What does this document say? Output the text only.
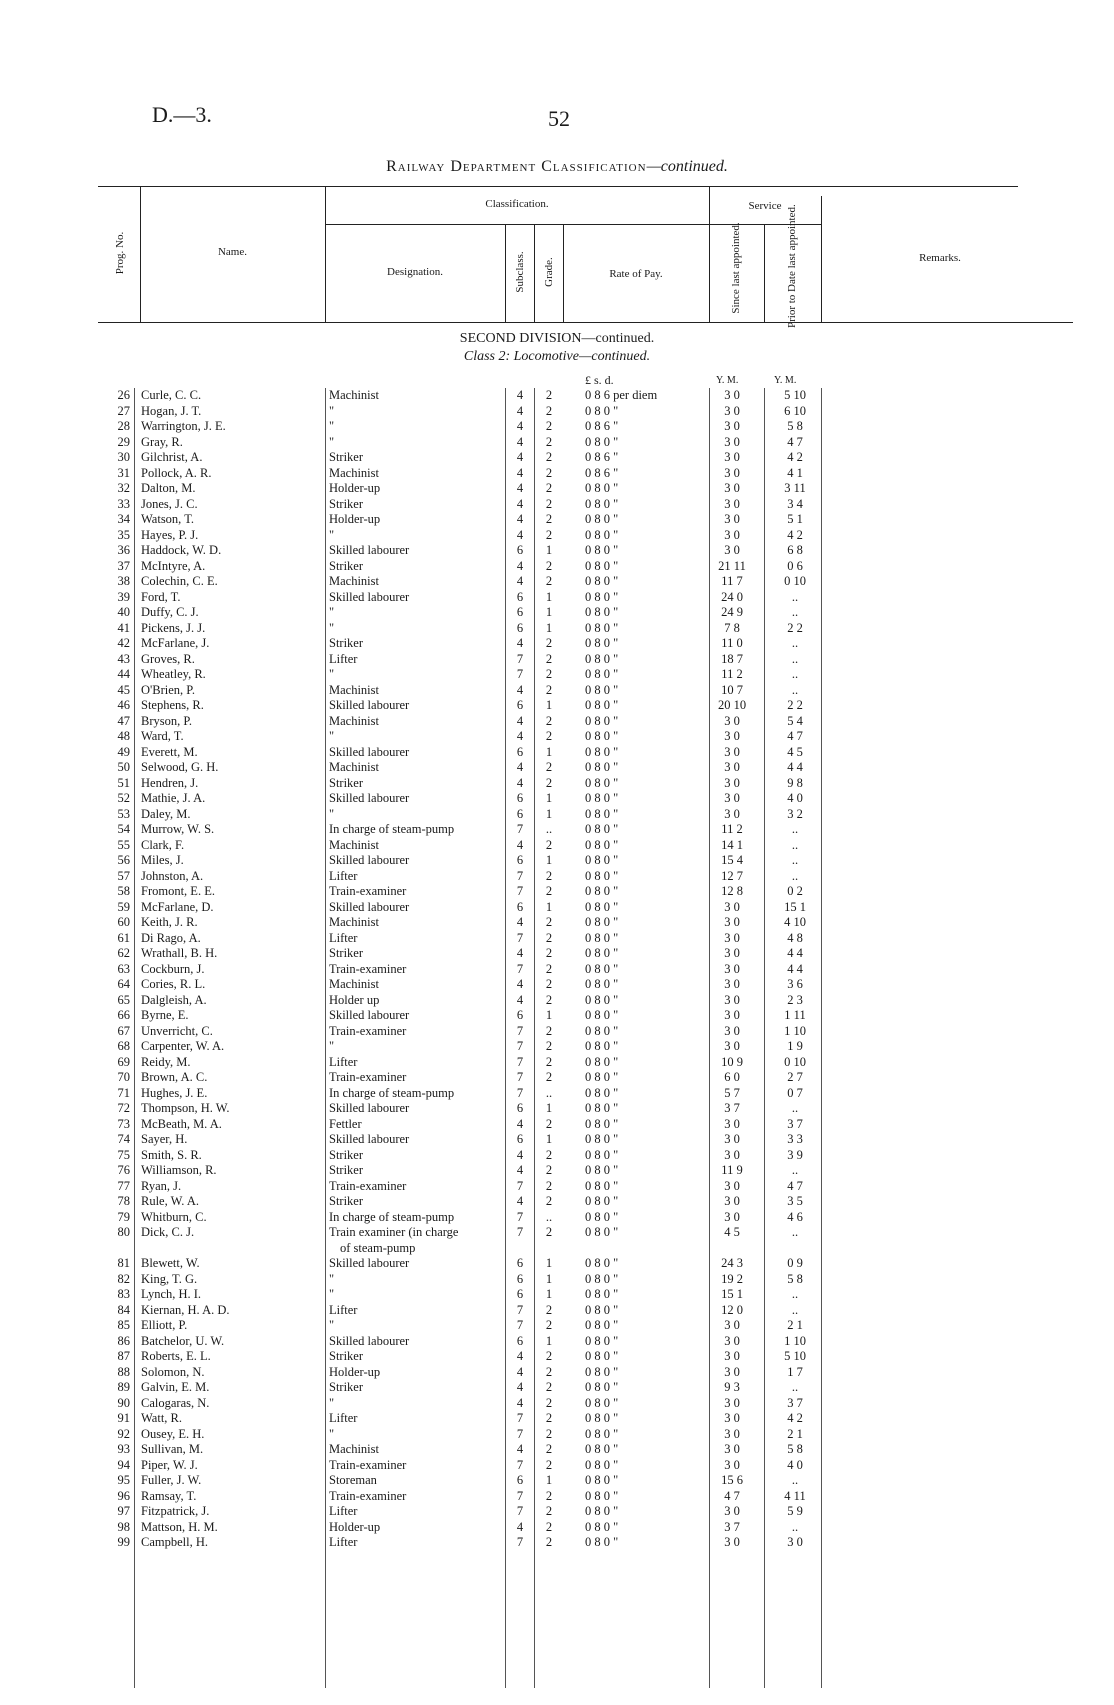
D.—3.	52
Railway Department Classification—continued.
Prog. No.	Name.
Classification.
Designation.	Subclass. Grade.	Rate of Pay.
Service
Since last appointed.	Prior to Date last appointed.	Remarks.
SECOND DIVISION—continued.
Class 2: Locomotive—continued.
£ s. d.	Y. M.	Y. M.
26 Curle, C. C.	Machinist	4	2	0 8 6 per diem	3 0	5 10
27 Hogan, J. T.	"	4	2	0 8 0 "	3 0	6 10
28 Warrington, J. E.	"	4	2	0 8 6 "	3 0	5 8
29 Gray, R.	"	4	2	0 8 0 "	3 0	4 7
30 Gilchrist, A.	Striker	4	2	0 8 6 "	3 0	4 2
31 Pollock, A. R.	Machinist	4	2	0 8 6 "	3 0	4 1
32 Dalton, M.	Holder-up	4	2	0 8 0 "	3 0	3 11
33 Jones, J. C.	Striker	4	2	0 8 0 "	3 0	3 4
34 Watson, T.	Holder-up	4	2	0 8 0 "	3 0	5 1
35 Hayes, P. J.	"	4	2	0 8 0 "	3 0	4 2
36 Haddock, W. D.	Skilled labourer	6	1	0 8 0 "	3 0	6 8
37 McIntyre, A.	Striker	4	2	0 8 0 "	21 11	0 6
38 Colechin, C. E.	Machinist	4	2	0 8 0 "	11 7	0 10
39 Ford, T.	Skilled labourer	6	1	0 8 0 "	24 0	..
40 Duffy, C. J.	"	6	1	0 8 0 "	24 9	..
41 Pickens, J. J.	"	6	1	0 8 0 "	7 8	2 2
42 McFarlane, J.	Striker	4	2	0 8 0 "	11 0	..
43 Groves, R.	Lifter	7	2	0 8 0 "	18 7	..
44 Wheatley, R.	"	7	2	0 8 0 "	11 2	..
45 O'Brien, P.	Machinist	4	2	0 8 0 "	10 7	..
46 Stephens, R.	Skilled labourer	6	1	0 8 0 "	20 10	2 2
47 Bryson, P.	Machinist	4	2	0 8 0 "	3 0	5 4
48 Ward, T.	"	4	2	0 8 0 "	3 0	4 7
49 Everett, M.	Skilled labourer	6	1	0 8 0 "	3 0	4 5
50 Selwood, G. H.	Machinist	4	2	0 8 0 "	3 0	4 4
51 Hendren, J.	Striker	4	2	0 8 0 "	3 0	9 8
52 Mathie, J. A.	Skilled labourer	6	1	0 8 0 "	3 0	4 0
53 Daley, M.	"	6	1	0 8 0 "	3 0	3 2
54 Murrow, W. S.	In charge of steam-pump	7	..	0 8 0 "	11 2	..
55 Clark, F.	Machinist	4	2	0 8 0 "	14 1	..
56 Miles, J.	Skilled labourer	6	1	0 8 0 "	15 4	..
57 Johnston, A.	Lifter	7	2	0 8 0 "	12 7	..
58 Fromont, E. E.	Train-examiner	7	2	0 8 0 "	12 8	0 2
59 McFarlane, D.	Skilled labourer	6	1	0 8 0 "	3 0	15 1
60 Keith, J. R.	Machinist	4	2	0 8 0 "	3 0	4 10
61 Di Rago, A.	Lifter	7	2	0 8 0 "	3 0	4 8
62 Wrathall, B. H.	Striker	4	2	0 8 0 "	3 0	4 4
63 Cockburn, J.	Train-examiner	7	2	0 8 0 "	3 0	4 4
64 Cories, R. L.	Machinist	4	2	0 8 0 "	3 0	3 6
65 Dalgleish, A.	Holder up	4	2	0 8 0 "	3 0	2 3
66 Byrne, E.	Skilled labourer	6	1	0 8 0 "	3 0	1 11
67 Unverricht, C.	Train-examiner	7	2	0 8 0 "	3 0	1 10
68 Carpenter, W. A.	"	7	2	0 8 0 "	3 0	1 9
69 Reidy, M.	Lifter	7	2	0 8 0 "	10 9	0 10
70 Brown, A. C.	Train-examiner	7	2	0 8 0 "	6 0	2 7
71 Hughes, J. E.	In charge of steam-pump	7	..	0 8 0 "	5 7	0 7
72 Thompson, H. W.	Skilled labourer	6	1	0 8 0 "	3 7	..
73 McBeath, M. A.	Fettler	4	2	0 8 0 "	3 0	3 7
74 Sayer, H.	Skilled labourer	6	1	0 8 0 "	3 0	3 3
75 Smith, S. R.	Striker	4	2	0 8 0 "	3 0	3 9
76 Williamson, R.	Striker	4	2	0 8 0 "	11 9	..
77 Ryan, J.	Train-examiner	7	2	0 8 0 "	3 0	4 7
78 Rule, W. A.	Striker	4	2	0 8 0 "	3 0	3 5
79 Whitburn, C.	In charge of steam-pump	7	..	0 8 0 "	3 0	4 6
80 Dick, C. J.	Train examiner (in charge	7	2	0 8 0 "	4 5	..
of steam-pump
81 Blewett, W.	Skilled labourer	6	1	0 8 0 "	24 3	0 9
82 King, T. G.	"	6	1	0 8 0 "	19 2	5 8
83 Lynch, H. I.	"	6	1	0 8 0 "	15 1	..
84 Kiernan, H. A. D.	Lifter	7	2	0 8 0 "	12 0	..
85 Elliott, P.	"	7	2	0 8 0 "	3 0	2 1
86 Batchelor, U. W.	Skilled labourer	6	1	0 8 0 "	3 0	1 10
87 Roberts, E. L.	Striker	4	2	0 8 0 "	3 0	5 10
88 Solomon, N.	Holder-up	4	2	0 8 0 "	3 0	1 7
89 Galvin, E. M.	Striker	4	2	0 8 0 "	9 3	..
90 Calogaras, N.	"	4	2	0 8 0 "	3 0	3 7
91 Watt, R.	Lifter	7	2	0 8 0 "	3 0	4 2
92 Ousey, E. H.	"	7	2	0 8 0 "	3 0	2 1
93 Sullivan, M.	Machinist	4	2	0 8 0 "	3 0	5 8
94 Piper, W. J.	Train-examiner	7	2	0 8 0 "	3 0	4 0
95 Fuller, J. W.	Storeman	6	1	0 8 0 "	15 6	..
96 Ramsay, T.	Train-examiner	7	2	0 8 0 "	4 7	4 11
97 Fitzpatrick, J.	Lifter	7	2	0 8 0 "	3 0	5 9
98 Mattson, H. M.	Holder-up	4	2	0 8 0 "	3 7	..
99 Campbell, H.	Lifter	7	2	0 8 0 "	3 0	3 0
